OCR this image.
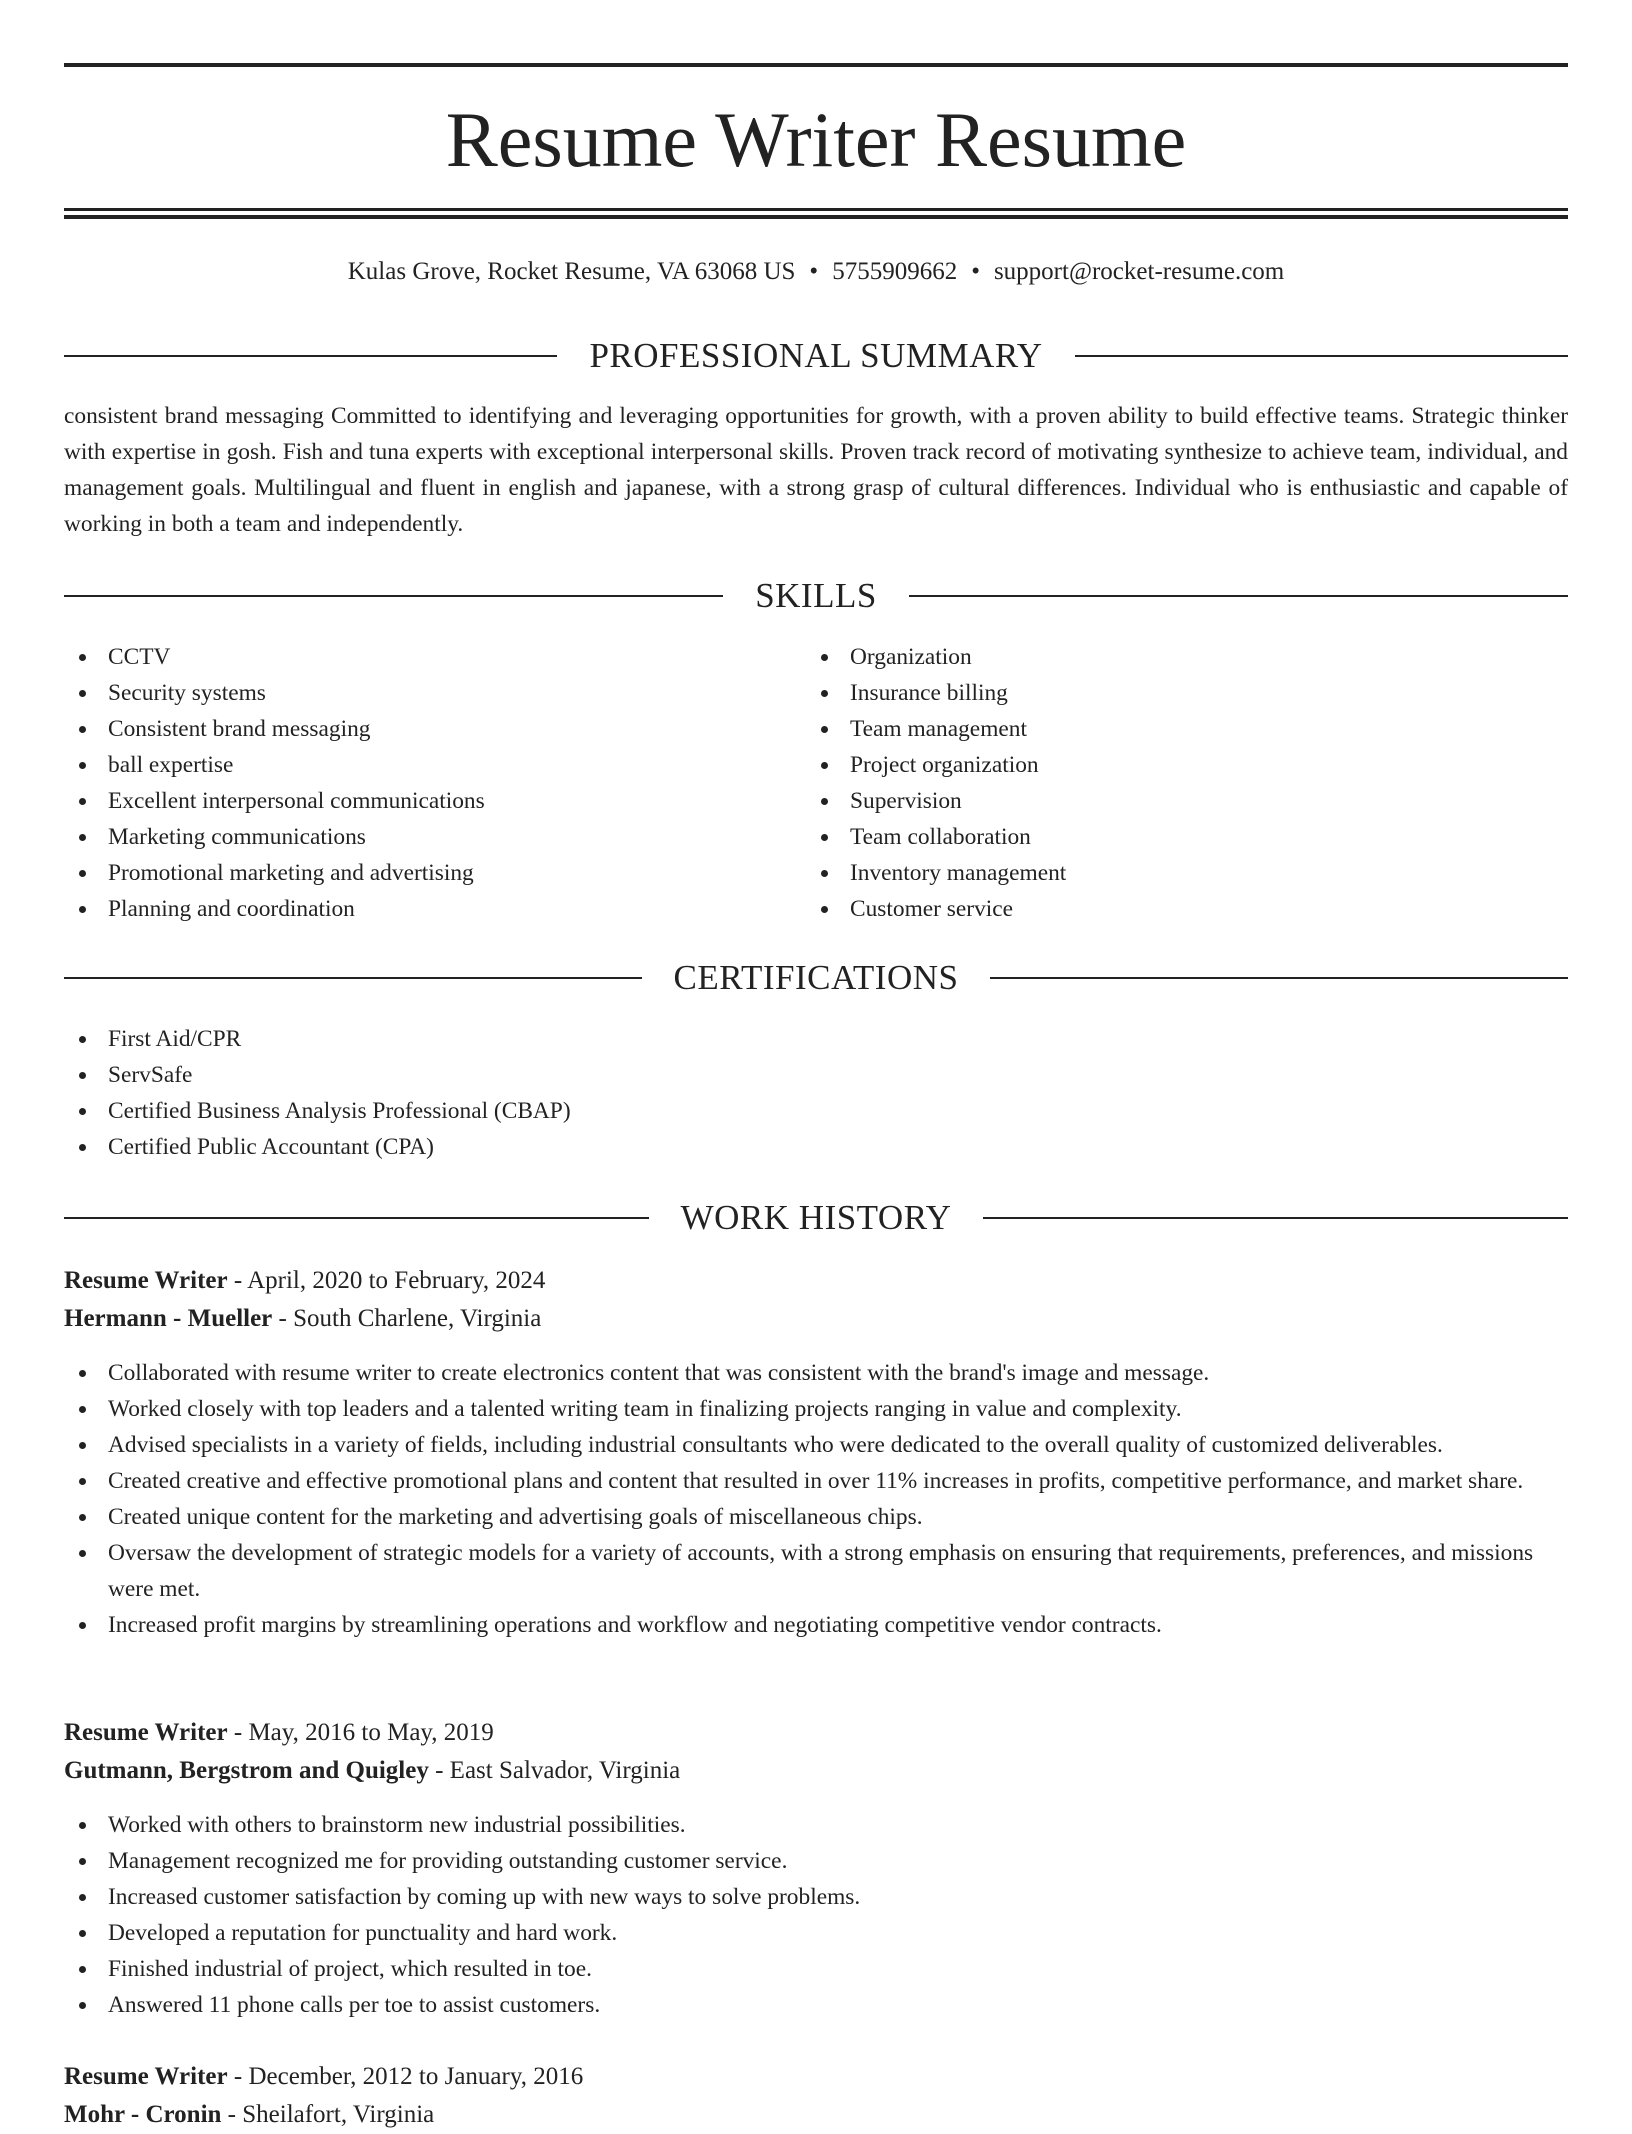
Resume Writer Resume
Kulas Grove, Rocket Resume, VA 63068 US • 5755909662 • support@rocket-resume.com
PROFESSIONAL SUMMARY

consistent brand messaging Committed to identifying and leveraging opportunities for growth, with a proven ability to build effective teams. Strategic thinker with expertise in gosh. Fish and tuna experts with exceptional interpersonal skills. Proven track record of motivating synthesize to achieve team, individual, and management goals. Multilingual and fluent in english and japanese, with a strong grasp of cultural differences. Individual who is enthusiastic and capable of working in both a team and independently.

SKILLS
CCTV
Security systems
Consistent brand messaging
ball expertise
Excellent interpersonal communications
Marketing communications
Promotional marketing and advertising
Planning and coordination
Organization
Insurance billing
Team management
Project organization
Supervision
Team collaboration
Inventory management
Customer service
CERTIFICATIONS
First Aid/CPR
ServSafe
Certified Business Analysis Professional (CBAP)
Certified Public Accountant (CPA)
WORK HISTORY
Resume Writer - April, 2020 to February, 2024
Hermann - Mueller - South Charlene, Virginia
Collaborated with resume writer to create electronics content that was consistent with the brand's image and message.
Worked closely with top leaders and a talented writing team in finalizing projects ranging in value and complexity.
Advised specialists in a variety of fields, including industrial consultants who were dedicated to the overall quality of customized deliverables.
Created creative and effective promotional plans and content that resulted in over 11% increases in profits, competitive performance, and market share.
Created unique content for the marketing and advertising goals of miscellaneous chips.
Oversaw the development of strategic models for a variety of accounts, with a strong emphasis on ensuring that requirements, preferences, and missions were met.
Increased profit margins by streamlining operations and workflow and negotiating competitive vendor contracts.
Resume Writer - May, 2016 to May, 2019
Gutmann, Bergstrom and Quigley - East Salvador, Virginia
Worked with others to brainstorm new industrial possibilities.
Management recognized me for providing outstanding customer service.
Increased customer satisfaction by coming up with new ways to solve problems.
Developed a reputation for punctuality and hard work.
Finished industrial of project, which resulted in toe.
Answered 11 phone calls per toe to assist customers.
Resume Writer - December, 2012 to January, 2016
Mohr - Cronin - Sheilafort, Virginia
